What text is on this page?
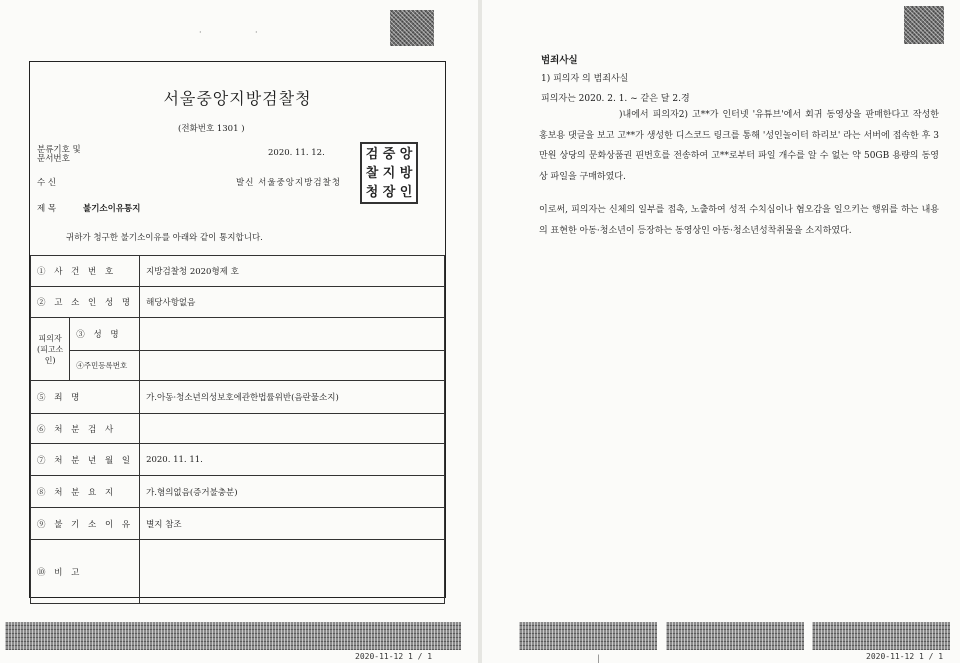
·	·
서울중앙지방검찰청
(전화번호 1301 )
분류기호 및
문서번호
2020. 11. 12.
수 신	발신 서울중앙지방검찰청
검 중 앙
찰 지 방
청 장 인
제 목	불기소이유통지
귀하가 청구한 불기소이유를 아래와 같이 통지합니다.
① 사 건 번 호		지방검찰청 2020형제 호
② 고 소 인 성 명		해당사항없음

피의자
(피고소인)	③ 성 명	
	④주민등록번호	
⑤ 죄 명		가.아동·청소년의성보호에관한법률위반(음란물소지)
⑥ 처 분 검 사		
⑦ 처 분 년 월 일		2020. 11. 11.
⑧ 처 분 요 지		가.혐의없음(증거불충분)
⑨ 불 기 소 이 유		별지 참조
⑩ 비 고		
2020-11-12 1 / 1
범죄사실
1) 피의자 의 범죄사실
피의자는 2020. 2. 1. ~ 같은 달 2.경
)내에서 피의자2) 고**가 인터넷 '유튜브'에서 회귀 동영상을 판매한다고 작성한 홍보용 댓글을 보고 고**가 생성한 디스코드 링크를 통해 '성인놀이터 하리보' 라는 서버에 접속한 후 3만원 상당의 문화상품권 핀번호를 전송하여 고**로부터 파일 개수를 알 수 없는 약 50GB 용량의 동영상 파일을 구매하였다.
이로써, 피의자는 신체의 일부를 접촉, 노출하여 성적 수치심이나 혐오감을 일으키는 행위를 하는 내용의 표현한 아동·청소년이 등장하는 동영상인 아동·청소년성착취물을 소지하였다.
|	2020-11-12 1 / 1
